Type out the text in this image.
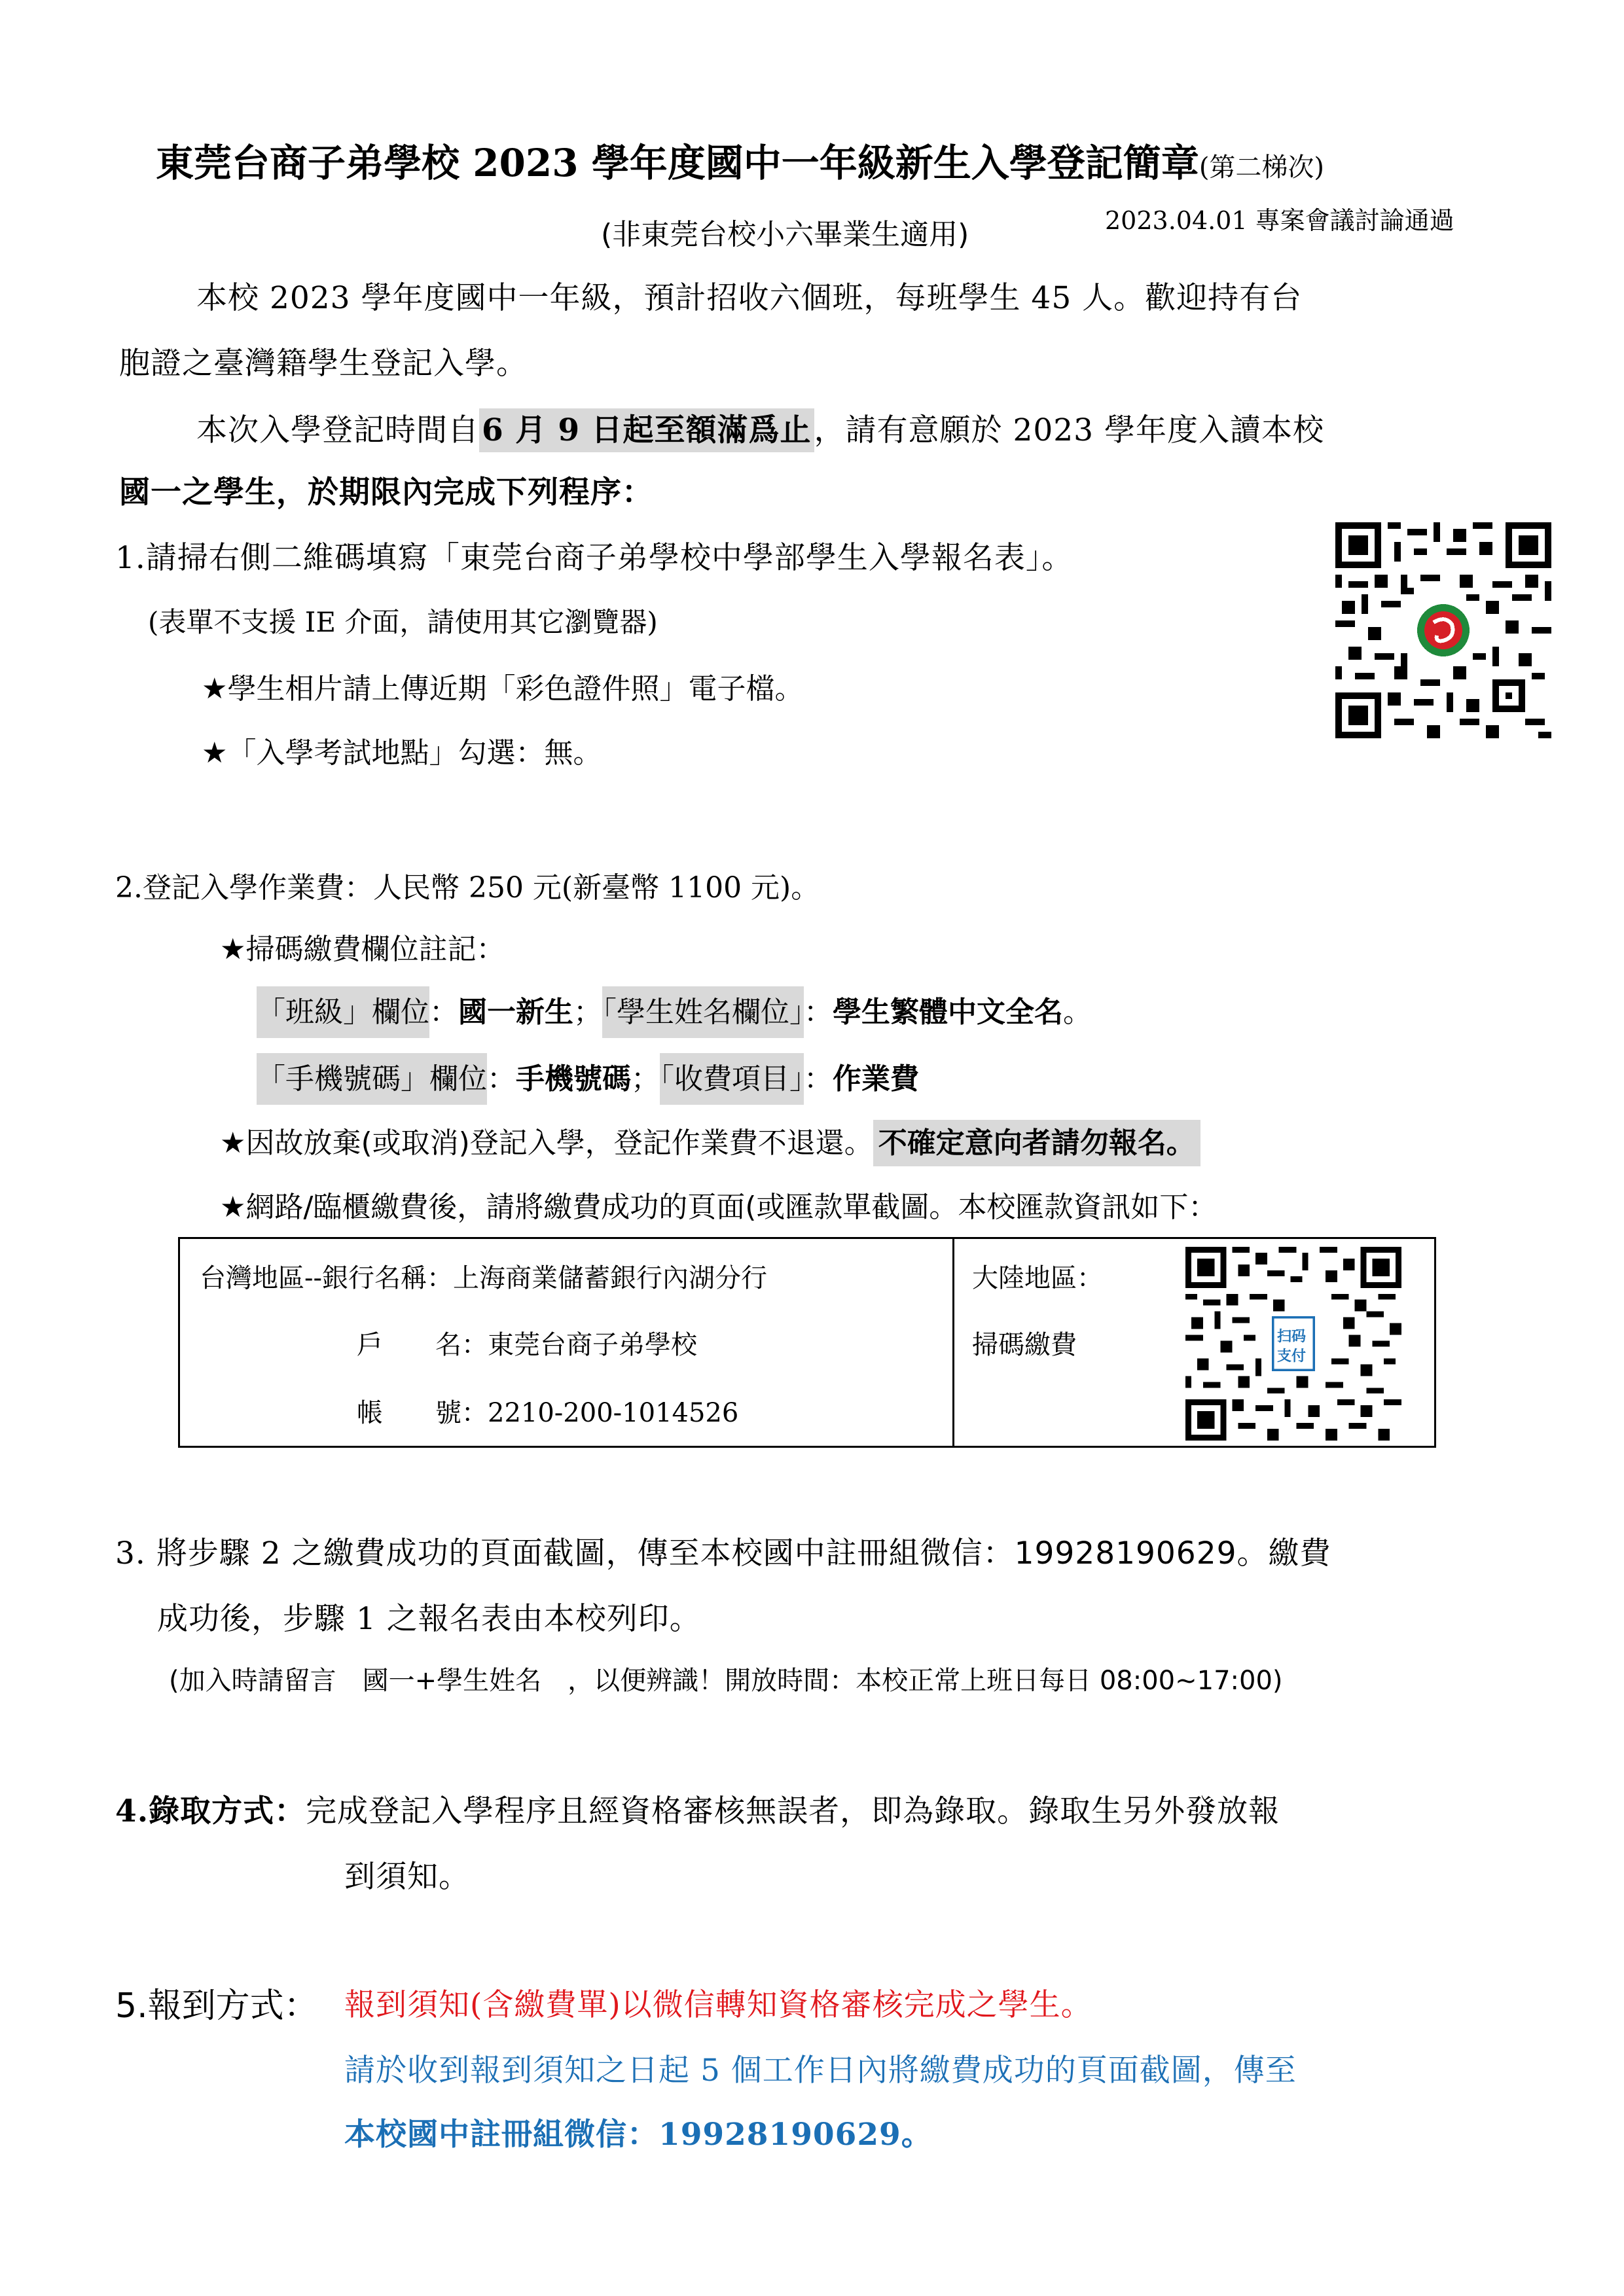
東莞台商子弟學校 2023 學年度國中一年級新生入學登記簡章(第二梯次)
2023.04.01 專案會議討論通過
(非東莞台校小六畢業生適用)
本校 2023 學年度國中一年級，預計招收六個班，每班學生 45 人。歡迎持有台
胞證之臺灣籍學生登記入學。
本次入學登記時間自6 月 9 日起至額滿爲止，請有意願於 2023 學年度入讀本校
國一之學生，於期限內完成下列程序：
1.請掃右側二維碼填寫「東莞台商子弟學校中學部學生入學報名表」。
(表單不支援 IE 介面，請使用其它瀏覽器)
★學生相片請上傳近期「彩色證件照」電子檔。
★「入學考試地點」勾選：無。
2.登記入學作業費：人民幣 250 元(新臺幣 1100 元)。
★掃碼繳費欄位註記：
「班級」欄位：國一新生；「學生姓名欄位」：學生繁體中文全名。
「手機號碼」欄位：手機號碼；「收費項目」：作業費
★因故放棄(或取消)登記入學，登記作業費不退還。 不確定意向者請勿報名。
★網路/臨櫃繳費後，請將繳費成功的頁面(或匯款單截圖。本校匯款資訊如下：
台灣地區--銀行名稱：上海商業儲蓄銀行內湖分行
戶　　名：東莞台商子弟學校
帳　　號：2210-200-1014526
大陸地區：
掃碼繳費	扫码
支付
3. 將步驟 2 之繳費成功的頁面截圖，傳至本校國中註冊組微信：19928190629。繳費
成功後，步驟 1 之報名表由本校列印。
(加入時請留言　國一+學生姓名　，以便辨識！開放時間：本校正常上班日每日 08:00~17:00)
4.錄取方式：完成登記入學程序且經資格審核無誤者，即為錄取。錄取生另外發放報
到須知。
5.報到方式： 報到須知(含繳費單)以微信轉知資格審核完成之學生。
請於收到報到須知之日起 5 個工作日內將繳費成功的頁面截圖，傳至
本校國中註冊組微信：19928190629。
